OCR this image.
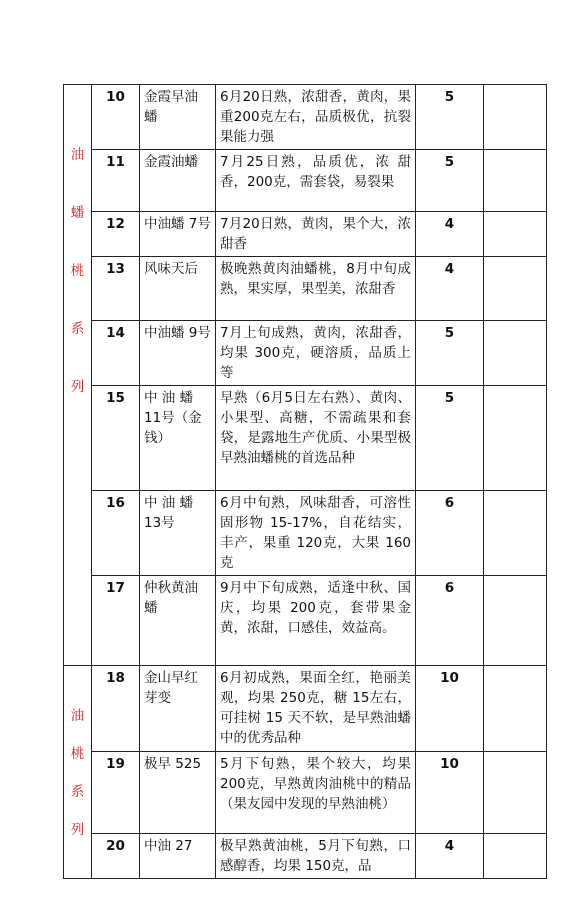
油
蟠
桃
系
列	10	金霞早油蟠	6月20日熟，浓甜香，黄肉，果重200克左右，品质极优，抗裂果能力强	5	
	11	金霞油蟠	7月25日熟，品质优，浓 甜香，200克，需套袋，易裂果	5	
	12	中油蟠 7号	7月20日熟，黄肉，果个大，浓甜香	4	
	13	风味天后	极晚熟黄肉油蟠桃，8月中旬成熟，果实厚，果型美，浓甜香	4	
	14	中油蟠 9号	7月上旬成熟，黄肉，浓甜香，均果 300克，硬溶质，品质上等	5	
	15	中 油 蟠 11号（金钱）	早熟（6月5日左右熟）、黄肉、小果型、高糖，不需疏果和套袋，是露地生产优质、小果型极早熟油蟠桃的首选品种	5	
	16	中 油 蟠 13号	6月中旬熟，风味甜香，可溶性固形物 15-17%，自花结实，丰产，果重 120克，大果 160克	6	
	17	仲秋黄油蟠	9月中下旬成熟，适逢中秋、国庆，均果 200克，套带果金黄，浓甜，口感佳，效益高。	6	

油
桃
系
列	18	金山早红芽变	6月初成熟，果面全红，艳丽美观，均果 250克，糖 15左右，可挂树 15 天不软，是早熟油蟠中的优秀品种	10	
	19	极早 525	5月下旬熟，果个较大，均果 200克，早熟黄肉油桃中的精品（果友园中发现的早熟油桃）	10	
	20	中油 27	极早熟黄油桃，5月下旬熟，口感醇香，均果 150克，品	4	
